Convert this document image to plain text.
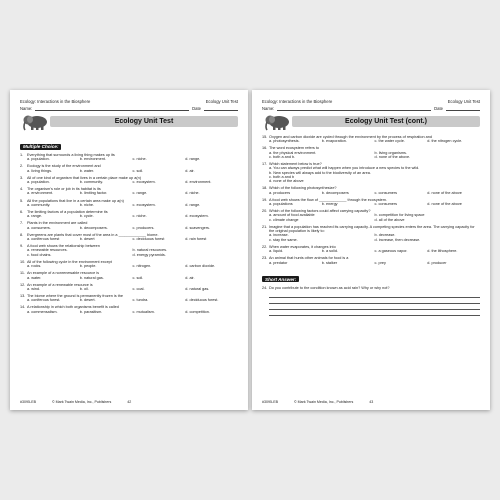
Ecology: Interactions in the Biosphere	Ecology Unit Test
Name:	Date
Ecology Unit Test
Multiple Choice:
1.	Everything that surrounds a living thing makes up its
a. population.	b. environment.	c. niche.	d. range.
2.	Ecology is the study of the environment and
a. living things.	b. water.	c. soil.	d. air.
3.	All of one kind of organism that lives in a certain place make up a(n)
a. population.	b. community.	c. ecosystem.	d. environment.
4.	The organism's role or job in its habitat is its
a. environment.	b. limiting factor.	c. range.	d. niche.
5.	All the populations that live in a certain area make up a(n)
a. community.	b. niche.	c. ecosystem.	d. range.
6.	The limiting factors of a population determine its
a. range.	b. cycle.	c. niche.	d. ecosystem.
7.	Plants in the environment are called
a. consumers.	b. decomposers.	c. producers.	d. scavengers.
8.	Evergreens are plants that cover most of the area in a _____________ biome.
a. coniferous forest	b. desert	c. deciduous forest	d. rain forest
9.	A food web shows the relationship between
a. renewable resources.	b. natural resources.
c. food chains.	d. energy pyramids.
10. All of the following cycle in the environment except
a. rocks.	b. people.	c. nitrogen.	d. carbon dioxide.
11. An example of a nonrenewable resource is
a. water.	b. natural gas.	c. soil.	d. air.
12. An example of a renewable resource is
a. wind.	b. oil.	c. coal.	d. natural gas.
13. The biome where the ground is permanently frozen is the
a. coniferous forest.	b. desert.	c. tundra.	d. deciduous forest.
14. A relationship in which both organisms benefit is called
a. commensalism.	b. parasitism.	c. mutualism.	d. competition.
#3095-EB	© Mark Twain Media, Inc., Publishers	42
Ecology: Interactions in the Biosphere	Ecology Unit Test
Name:	Date
Ecology Unit Test (cont.)
15. Oxygen and carbon dioxide are cycled through the environment by the process of respiration and
a. photosynthesis.	b. evaporation.	c. the water cycle.	d. the nitrogen cycle.
16. The word ecosystem refers to
a. the physical environment.	b. living organisms.
c. both a and b.	d. none of the above.
17. Which statement below is true?
a. You can always predict what will happen when you introduce a new species to the wild.
b. New species will always add to the biodiversity of an area.
c. both a and b
d. none of the above
18. Which of the following photosynthesize?
a. producers	b. decomposers	c. consumers	d. none of the above
19. A food web shows the flow of _____________ through the ecosystem.
a. populations	b. energy	c. consumers	d. none of the above
20. Which of the following factors could affect carrying capacity?
a. amount of food available	b. competition for living space
c. climate change	d. all of the above
21. Imagine that a population has reached its carrying capacity. A competing species enters the area. The carrying capacity for the original population is likely to:
a. increase.	b. decrease.
c. stay the same.	d. increase, then decrease.
22. When water evaporates, it changes into
a. liquid.	b. a solid.	c. a gaseous vapor.	d. the lithosphere.
23. An animal that hunts other animals for food is a
a. predator	b. stalker	c. prey	d. producer
Short Answer:
24. Do you contribute to the condition known as acid rain? Why or why not?
#3095-EB	© Mark Twain Media, Inc., Publishers	43
